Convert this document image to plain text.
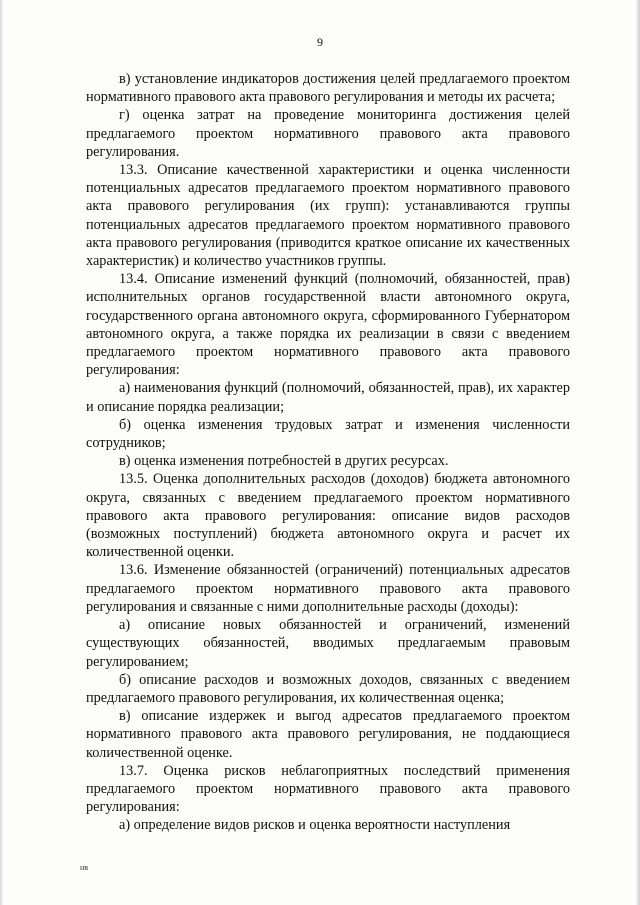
9

в) установление индикаторов достижения целей предлагаемого проектом нормативного правового акта правового регулирования и методы их расчета;

г) оценка затрат на проведение мониторинга достижения целей предлагаемого проектом нормативного правового акта правового регулирования.

13.3. Описание качественной характеристики и оценка численности потенциальных адресатов предлагаемого проектом нормативного правового акта правового регулирования (их групп): устанавливаются группы потенциальных адресатов предлагаемого проектом нормативного правового акта правового регулирования (приводится краткое описание их качественных характеристик) и количество участников группы.

13.4. Описание изменений функций (полномочий, обязанностей, прав) исполнительных органов государственной власти автономного округа, государственного органа автономного округа, сформированного Губернатором автономного округа, а также порядка их реализации в связи с введением предлагаемого проектом нормативного правового акта правового регулирования:

а) наименования функций (полномочий, обязанностей, прав), их характер и описание порядка реализации;

б) оценка изменения трудовых затрат и изменения численности сотрудников;

в) оценка изменения потребностей в других ресурсах.

13.5. Оценка дополнительных расходов (доходов) бюджета автономного округа, связанных с введением предлагаемого проектом нормативного правового акта правового регулирования: описание видов расходов (возможных поступлений) бюджета автономного округа и расчет их количественной оценки.

13.6. Изменение обязанностей (ограничений) потенциальных адресатов предлагаемого проектом нормативного правового акта правового регулирования и связанные с ними дополнительные расходы (доходы):

а) описание новых обязанностей и ограничений, изменений существующих обязанностей, вводимых предлагаемым правовым регулированием;

б) описание расходов и возможных доходов, связанных с введением предлагаемого правового регулирования, их количественная оценка;

в) описание издержек и выгод адресатов предлагаемого проектом нормативного правового акта правового регулирования, не поддающиеся количественной оценке.

13.7. Оценка рисков неблагоприятных последствий применения предлагаемого проектом нормативного правового акта правового регулирования:

а) определение видов рисков и оценка вероятности наступления

нв
